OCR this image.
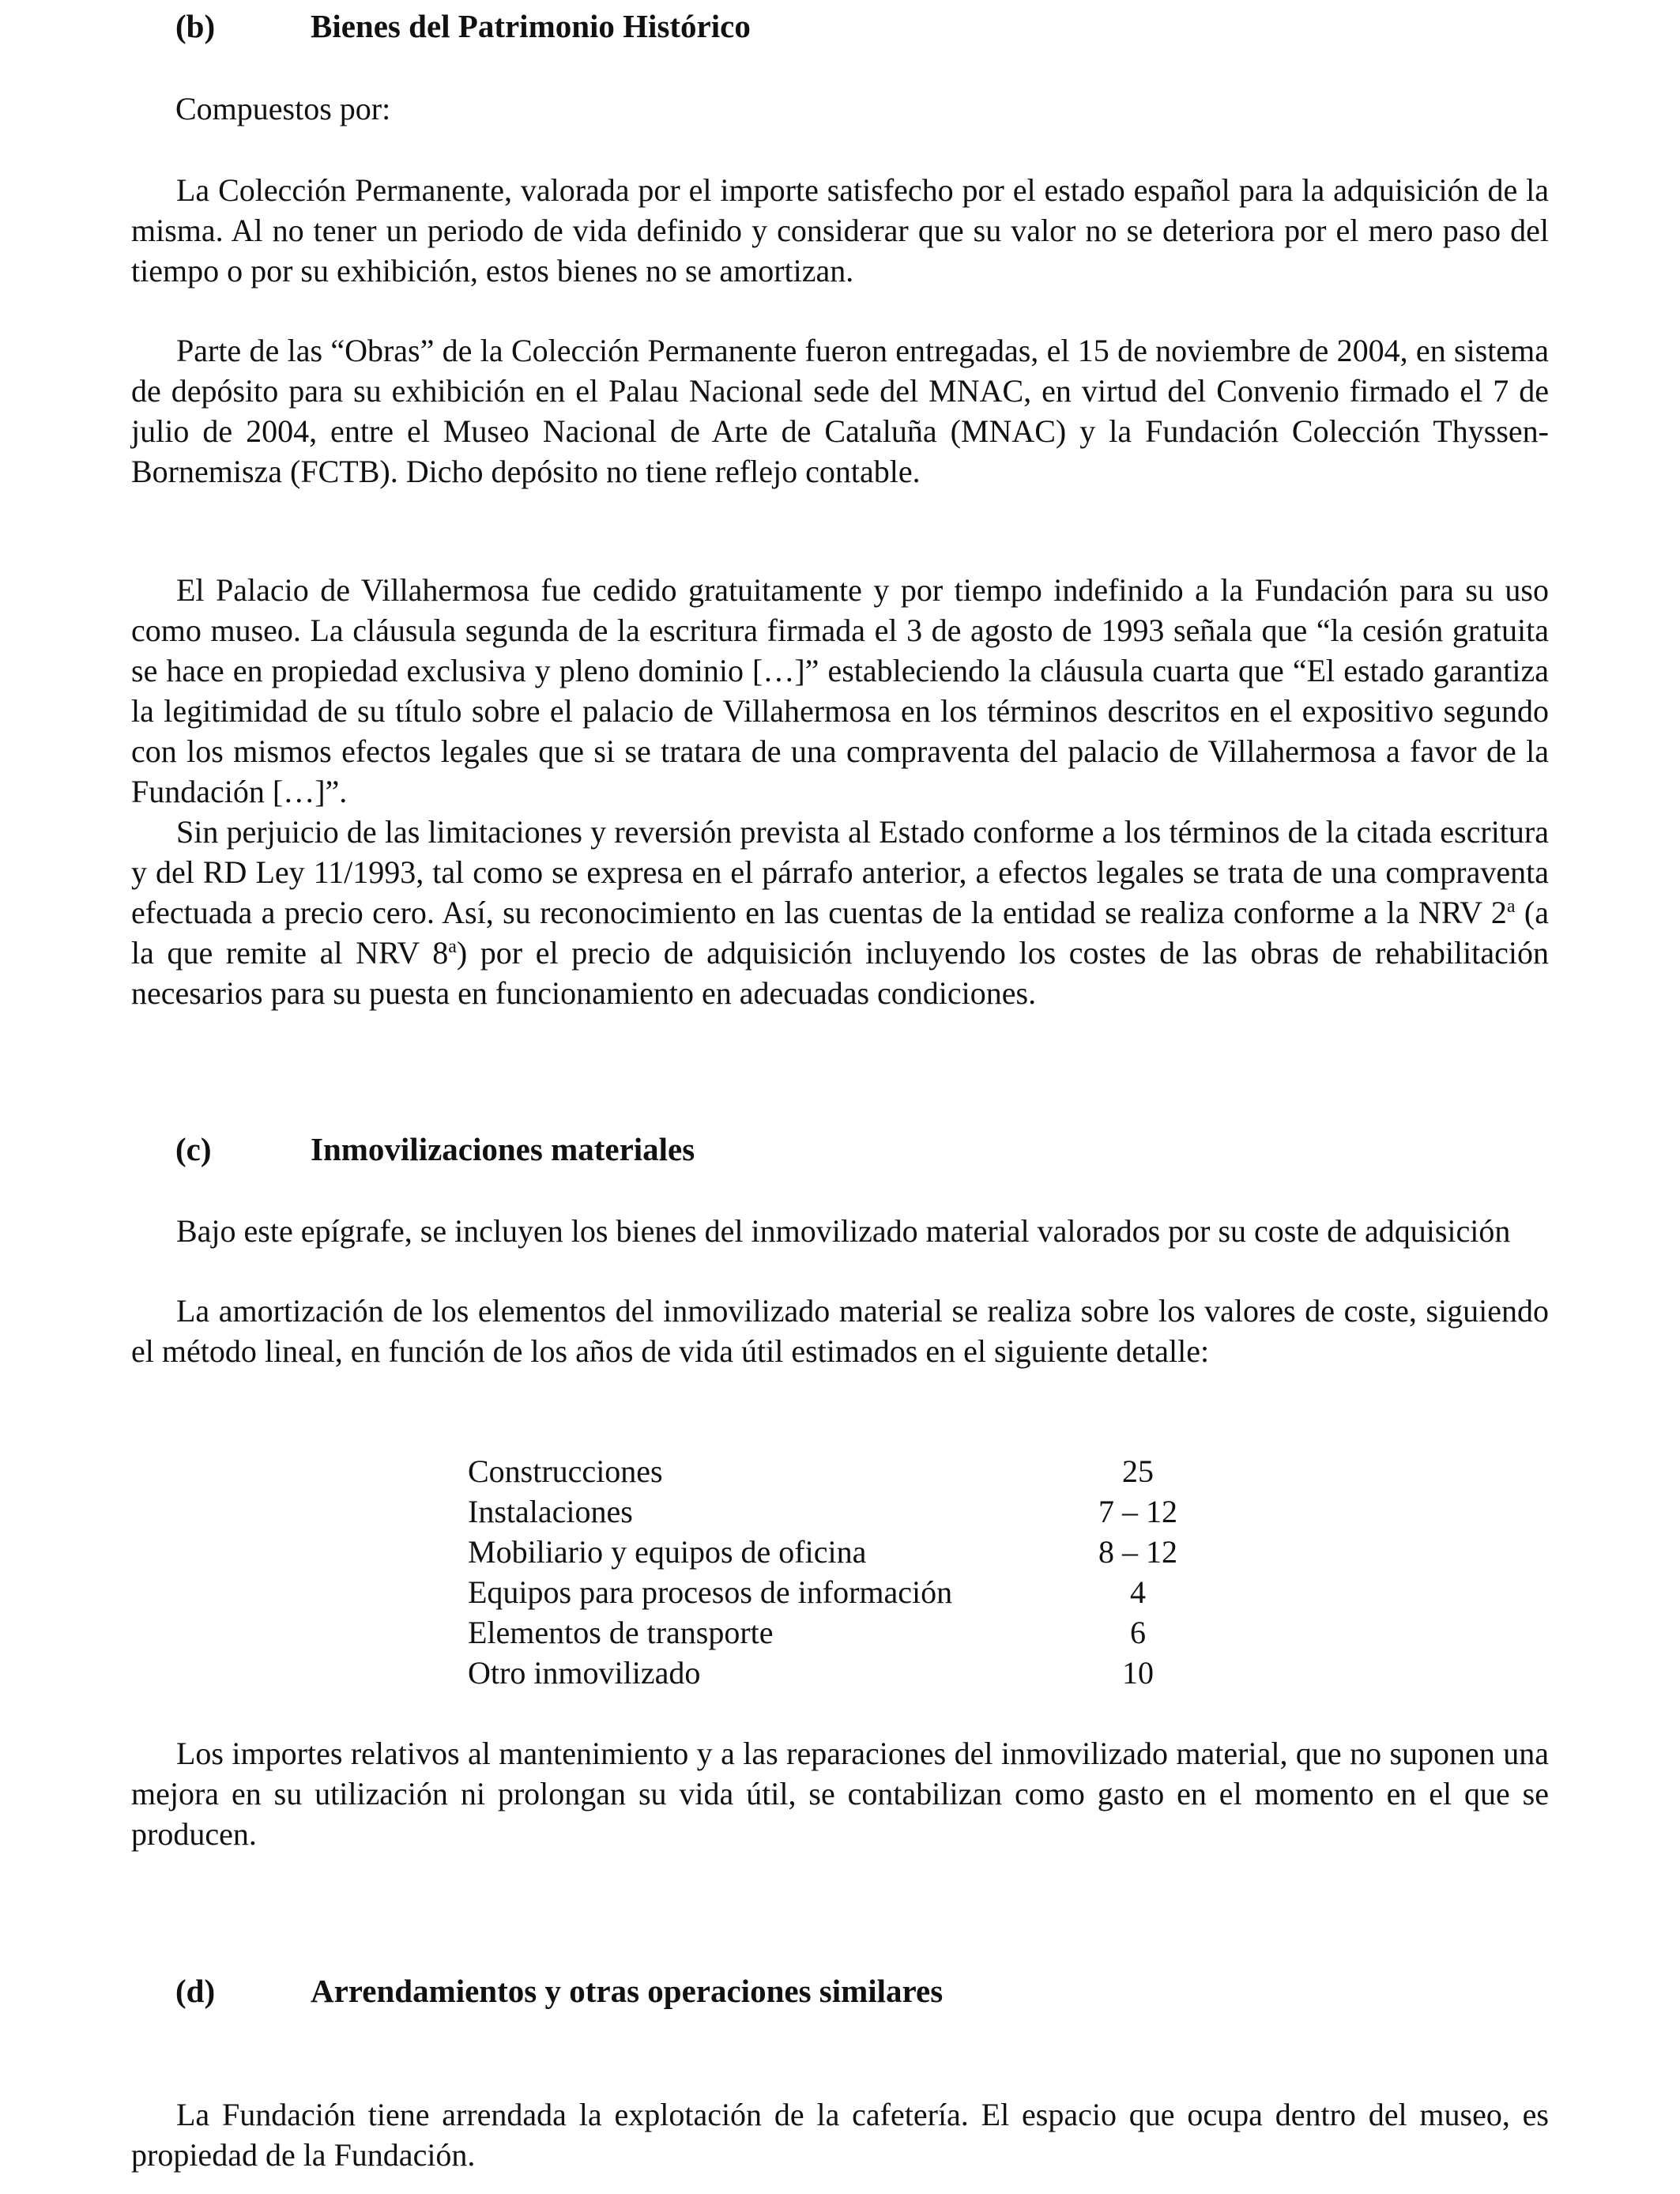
(b)	Bienes del Patrimonio Histórico
Compuestos por:
La Colección Permanente, valorada por el importe satisfecho por el estado español para la adquisición de la misma. Al no tener un periodo de vida definido y considerar que su valor no se deteriora por el mero paso del tiempo o por su exhibición, estos bienes no se amortizan.
Parte de las “Obras” de la Colección Permanente fueron entregadas, el 15 de noviembre de 2004, en sistema de depósito para su exhibición en el Palau Nacional sede del MNAC, en virtud del Convenio firmado el 7 de julio de 2004, entre el Museo Nacional de Arte de Cataluña (MNAC) y la Fundación Colección Thyssen-Bornemisza (FCTB). Dicho depósito no tiene reflejo contable.
El Palacio de Villahermosa fue cedido gratuitamente y por tiempo indefinido a la Fundación para su uso como museo. La cláusula segunda de la escritura firmada el 3 de agosto de 1993 señala que “la cesión gratuita se hace en propiedad exclusiva y pleno dominio […]” estableciendo la cláusula cuarta que “El estado garantiza la legitimidad de su título sobre el palacio de Villahermosa en los términos descritos en el expositivo segundo con los mismos efectos legales que si se tratara de una compraventa del palacio de Villahermosa a favor de la Fundación […]”.
Sin perjuicio de las limitaciones y reversión prevista al Estado conforme a los términos de la citada escritura y del RD Ley 11/1993, tal como se expresa en el párrafo anterior, a efectos legales se trata de una compraventa efectuada a precio cero. Así, su reconocimiento en las cuentas de la entidad se realiza conforme a la NRV 2$^a$ (a la que remite al NRV 8$^a$) por el precio de adquisición incluyendo los costes de las obras de rehabilitación necesarios para su puesta en funcionamiento en adecuadas condiciones.
(c)	Inmovilizaciones materiales
Bajo este epígrafe, se incluyen los bienes del inmovilizado material valorados por su coste de adquisición
La amortización de los elementos del inmovilizado material se realiza sobre los valores de coste, siguiendo el método lineal, en función de los años de vida útil estimados en el siguiente detalle:
Construcciones	25
Instalaciones	7 – 12
Mobiliario y equipos de oficina	8 – 12
Equipos para procesos de información	4
Elementos de transporte	6
Otro inmovilizado	10
Los importes relativos al mantenimiento y a las reparaciones del inmovilizado material, que no suponen una mejora en su utilización ni prolongan su vida útil, se contabilizan como gasto en el momento en el que se producen.
(d)	Arrendamientos y otras operaciones similares
La Fundación tiene arrendada la explotación de la cafetería. El espacio que ocupa dentro del museo, es propiedad de la Fundación.
